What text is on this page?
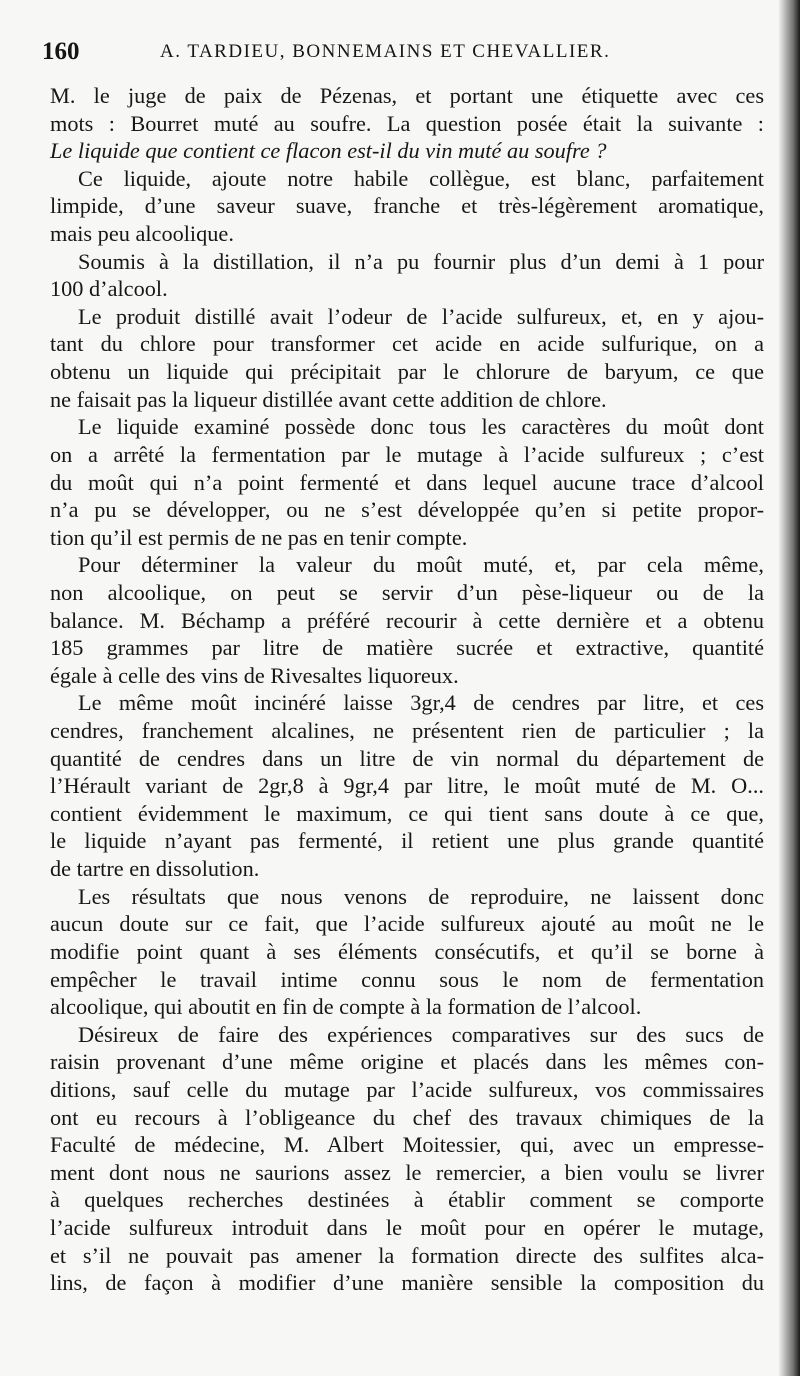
160	A. TARDIEU, BONNEMAINS ET CHEVALLIER.
M. le juge de paix de Pézenas, et portant une étiquette avec ces
mots : Bourret muté au soufre. La question posée était la suivante :
Le liquide que contient ce flacon est-il du vin muté au soufre ?
Ce liquide, ajoute notre habile collègue, est blanc, parfaitement
limpide, d’une saveur suave, franche et très-légèrement aromatique,
mais peu alcoolique.
Soumis à la distillation, il n’a pu fournir plus d’un demi à 1 pour
100 d’alcool.
Le produit distillé avait l’odeur de l’acide sulfureux, et, en y ajou-
tant du chlore pour transformer cet acide en acide sulfurique, on a
obtenu un liquide qui précipitait par le chlorure de baryum, ce que
ne faisait pas la liqueur distillée avant cette addition de chlore.
Le liquide examiné possède donc tous les caractères du moût dont
on a arrêté la fermentation par le mutage à l’acide sulfureux ; c’est
du moût qui n’a point fermenté et dans lequel aucune trace d’alcool
n’a pu se développer, ou ne s’est développée qu’en si petite propor-
tion qu’il est permis de ne pas en tenir compte.
Pour déterminer la valeur du moût muté, et, par cela même,
non alcoolique, on peut se servir d’un pèse-liqueur ou de la
balance. M. Béchamp a préféré recourir à cette dernière et a obtenu
185 grammes par litre de matière sucrée et extractive, quantité
égale à celle des vins de Rivesaltes liquoreux.
Le même moût incinéré laisse 3gr,4 de cendres par litre, et ces
cendres, franchement alcalines, ne présentent rien de particulier ; la
quantité de cendres dans un litre de vin normal du département de
l’Hérault variant de 2gr,8 à 9gr,4 par litre, le moût muté de M. O...
contient évidemment le maximum, ce qui tient sans doute à ce que,
le liquide n’ayant pas fermenté, il retient une plus grande quantité
de tartre en dissolution.
Les résultats que nous venons de reproduire, ne laissent donc
aucun doute sur ce fait, que l’acide sulfureux ajouté au moût ne le
modifie point quant à ses éléments consécutifs, et qu’il se borne à
empêcher le travail intime connu sous le nom de fermentation
alcoolique, qui aboutit en fin de compte à la formation de l’alcool.
Désireux de faire des expériences comparatives sur des sucs de
raisin provenant d’une même origine et placés dans les mêmes con-
ditions, sauf celle du mutage par l’acide sulfureux, vos commissaires
ont eu recours à l’obligeance du chef des travaux chimiques de la
Faculté de médecine, M. Albert Moitessier, qui, avec un empresse-
ment dont nous ne saurions assez le remercier, a bien voulu se livrer
à quelques recherches destinées à établir comment se comporte
l’acide sulfureux introduit dans le moût pour en opérer le mutage,
et s’il ne pouvait pas amener la formation directe des sulfites alca-
lins, de façon à modifier d’une manière sensible la composition du
